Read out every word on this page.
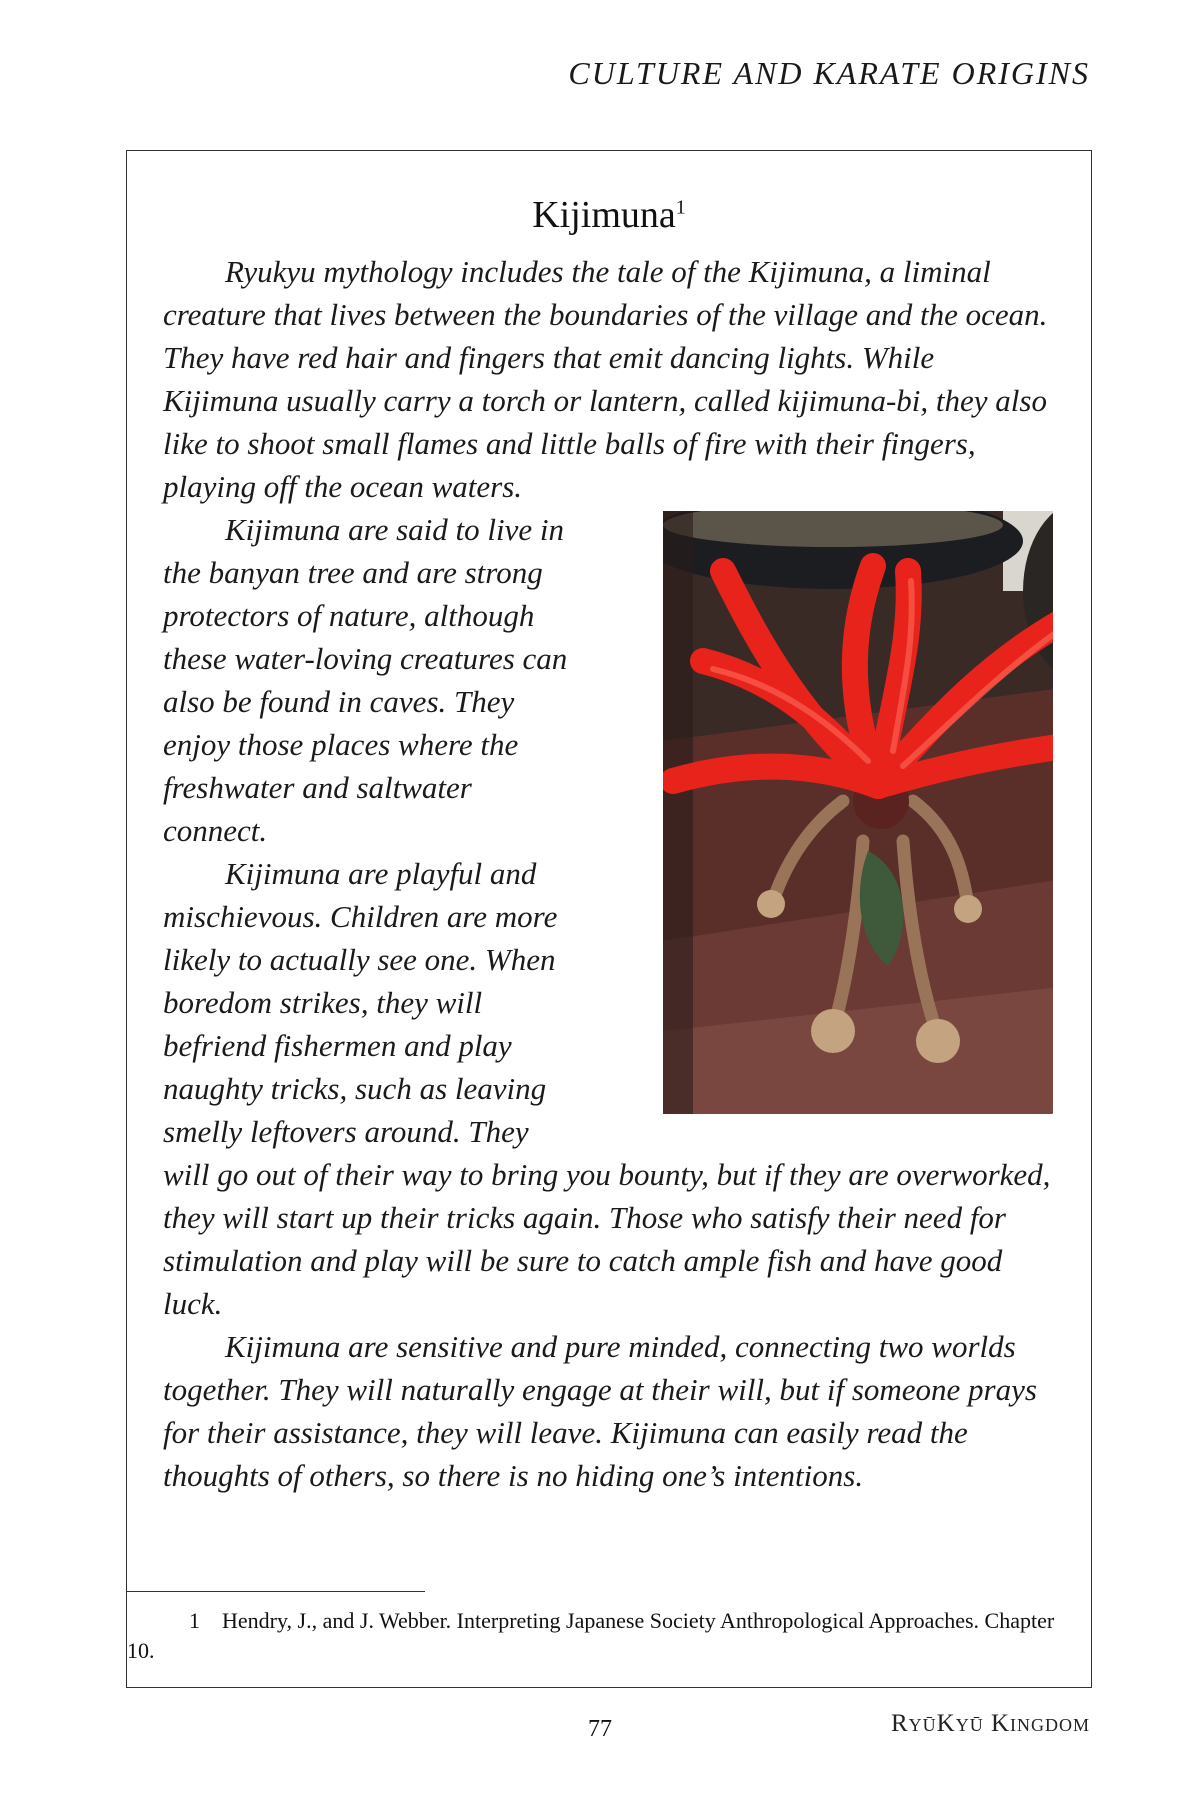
CULTURE AND KARATE ORIGINS
Kijimuna$^1$

Ryukyu mythology includes the tale of the Kijimuna, a liminal creature that lives between the boundaries of the village and the ocean. They have red hair and fingers that emit dancing lights. While Kijimuna usually carry a torch or lantern, called kijimuna-bi, they also like to shoot small flames and little balls of fire with their fingers, playing off the ocean waters.

Kijimuna are said to live in the banyan tree and are strong protectors of nature, although these water-loving creatures can also be found in caves. They enjoy those places where the freshwater and saltwater connect.

Kijimuna are playful and mischievous. Children are more likely to actually see one. When boredom strikes, they will befriend fishermen and play naughty tricks, such as leaving smelly leftovers around. They will go out of their way to bring you bounty, but if they are overworked, they will start up their tricks again. Those who satisfy their need for stimulation and play will be sure to catch ample fish and have good luck.

Kijimuna are sensitive and pure minded, connecting two worlds together. They will naturally engage at their will, but if someone prays for their assistance, they will leave. Kijimuna can easily read the thoughts of others, so there is no hiding one’s intentions.

1 Hendry, J., and J. Webber. Interpreting Japanese Society Anthropological Approaches. Chapter 10.
77	RyūKyū Kingdom
